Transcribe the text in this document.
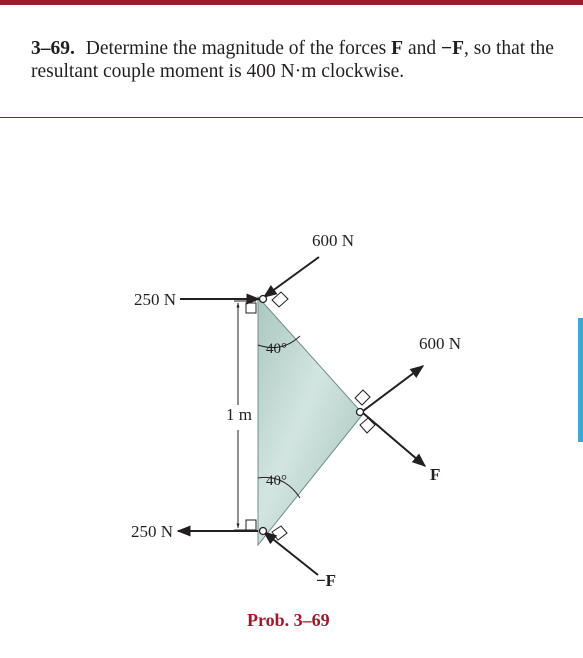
3–69. Determine the magnitude of the forces F and −F, so that the resultant couple moment is 400 N·m clockwise.

600 N
250 N
40°	600 N
1 m
F
40°
250 N
−F
Prob. 3–69
